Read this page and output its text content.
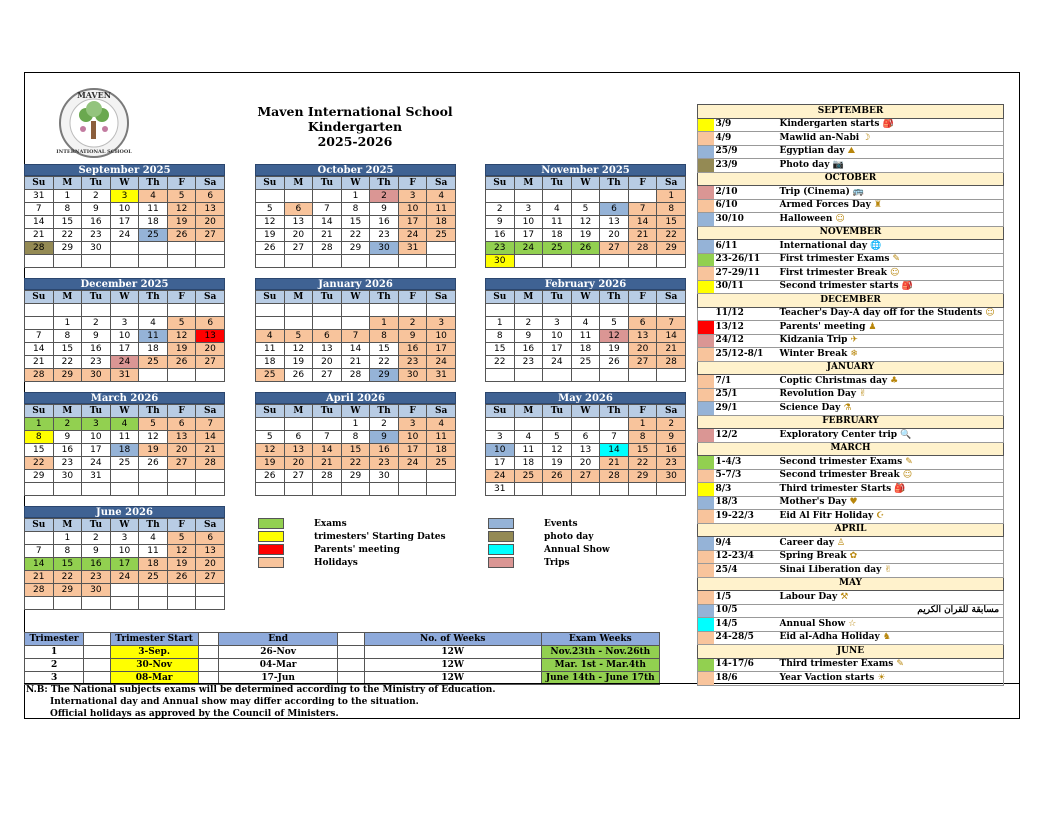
MAVEN
INTERNATIONAL SCHOOL
Maven International School
Kindergarten
2025-2026
September 2025
Su	M	Tu	W	Th	F	Sa
31	1	2	3	4	5	6
7	8	9	10	11	12	13
14	15	16	17	18	19	20
21	22	23	24	25	26	27
28	29	30				

October 2025
Su	M	Tu	W	Th	F	Sa
			1	2	3	4
5	6	7	8	9	10	11
12	13	14	15	16	17	18
19	20	21	22	23	24	25
26	27	28	29	30	31	

November 2025
Su	M	Tu	W	Th	F	Sa
						1
2	3	4	5	6	7	8
9	10	11	12	13	14	15
16	17	18	19	20	21	22
23	24	25	26	27	28	29
30						
December 2025
Su	M	Tu	W	Th	F	Sa

	1	2	3	4	5	6
7	8	9	10	11	12	13
14	15	16	17	18	19	20
21	22	23	24	25	26	27
28	29	30	31			
January 2026
Su	M	Tu	W	Th	F	Sa

				1	2	3
4	5	6	7	8	9	10
11	12	13	14	15	16	17
18	19	20	21	22	23	24
25	26	27	28	29	30	31
February 2026
Su	M	Tu	W	Th	F	Sa

1	2	3	4	5	6	7
8	9	10	11	12	13	14
15	16	17	18	19	20	21
22	23	24	25	26	27	28

March 2026
Su	M	Tu	W	Th	F	Sa
1	2	3	4	5	6	7
8	9	10	11	12	13	14
15	16	17	18	19	20	21
22	23	24	25	26	27	28
29	30	31				

April 2026
Su	M	Tu	W	Th	F	Sa
			1	2	3	4
5	6	7	8	9	10	11
12	13	14	15	16	17	18
19	20	21	22	23	24	25
26	27	28	29	30		

May 2026
Su	M	Tu	W	Th	F	Sa
					1	2
3	4	5	6	7	8	9
10	11	12	13	14	15	16
17	18	19	20	21	22	23
24	25	26	27	28	29	30
31						
June 2026
Su	M	Tu	W	Th	F	Sa
	1	2	3	4	5	6
7	8	9	10	11	12	13
14	15	16	17	18	19	20
21	22	23	24	25	26	27
28	29	30				

Exams
trimesters' Starting Dates
Parents' meeting
Holidays
Events
photo day
Annual Show
Trips
Trimester		Trimester Start		End		No. of Weeks	Exam Weeks
1		3-Sep.		26-Nov		12W	Nov.23th - Nov.26th
2		30-Nov		04-Mar		12W	Mar. 1st - Mar.4th
3		08-Mar		17-Jun		12W	June 14th - June 17th
N.B: The National subjects exams will be determined according to the Ministry of Education.
International day and Annual show may differ according to the situation.
Official holidays as approved by the Council of Ministers.
SEPTEMBER		
	3/9	Kindergarten starts 🎒
	4/9	Mawlid an-Nabi ☽
	25/9	Egyptian day ⛰
	23/9	Photo day 📷
OCTOBER		
	2/10	Trip (Cinema) 🚌
	6/10	Armed Forces Day ♜
	30/10	Halloween ☺
NOVEMBER		
	6/11	International day 🌐
	23-26/11	First trimester Exams ✎
	27-29/11	First trimester Break ☺
	30/11	Second trimester starts 🎒
DECEMBER		
	11/12	Teacher's Day-A day off for the Students ☺
	13/12	Parents' meeting ♟
	24/12	Kidzania Trip ✈
	25/12-8/1	Winter Break ❄
JANUARY		
	7/1	Coptic Christmas day ♣
	25/1	Revolution Day ✌
	29/1	Science Day ⚗
FEBRUARY		
	12/2	Exploratory Center trip 🔍
MARCH		
	1-4/3	Second trimester Exams ✎
	5-7/3	Second trimester Break ☺
	8/3	Third trimester Starts 🎒
	18/3	Mother's Day ♥
	19-22/3	Eid Al Fitr Holiday ☪
APRIL		
	9/4	Career day ♙
	12-23/4	Spring Break ✿
	25/4	Sinai Liberation day ✌
MAY		
	1/5	Labour Day ⚒
	10/5	مسابقة للقرآن الكريم
	14/5	Annual Show ☆
	24-28/5	Eid al-Adha Holiday ♞
JUNE		
	14-17/6	Third trimester Exams ✎
	18/6	Year Vaction starts ☀
